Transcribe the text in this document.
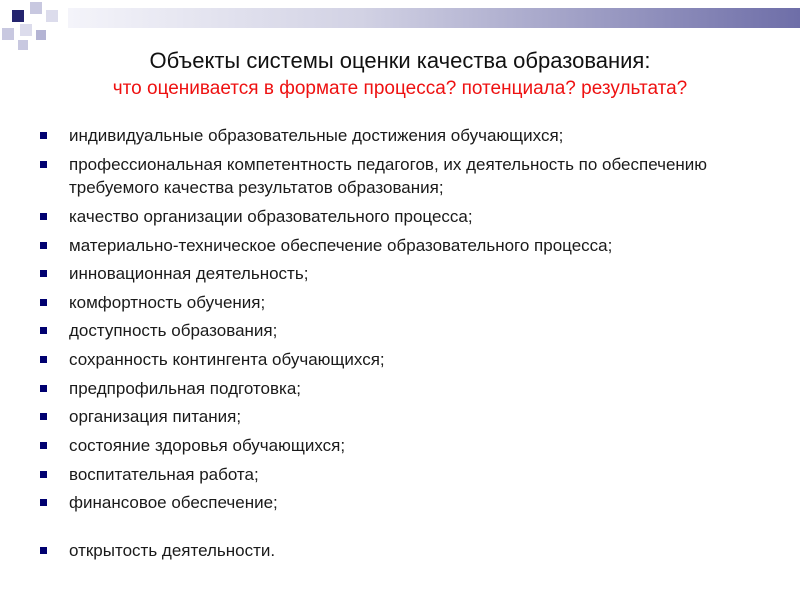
Объекты системы оценки качества образования:
что оценивается в формате процесса? потенциала? результата?
индивидуальные образовательные достижения обучающихся;
профессиональная компетентность педагогов, их деятельность по обеспечению требуемого качества результатов образования;
качество организации образовательного процесса;
материально-техническое обеспечение образовательного процесса;
инновационная деятельность;
комфортность обучения;
доступность образования;
сохранность контингента обучающихся;
предпрофильная подготовка;
организация питания;
состояние здоровья обучающихся;
воспитательная работа;
финансовое обеспечение;
открытость деятельности.
